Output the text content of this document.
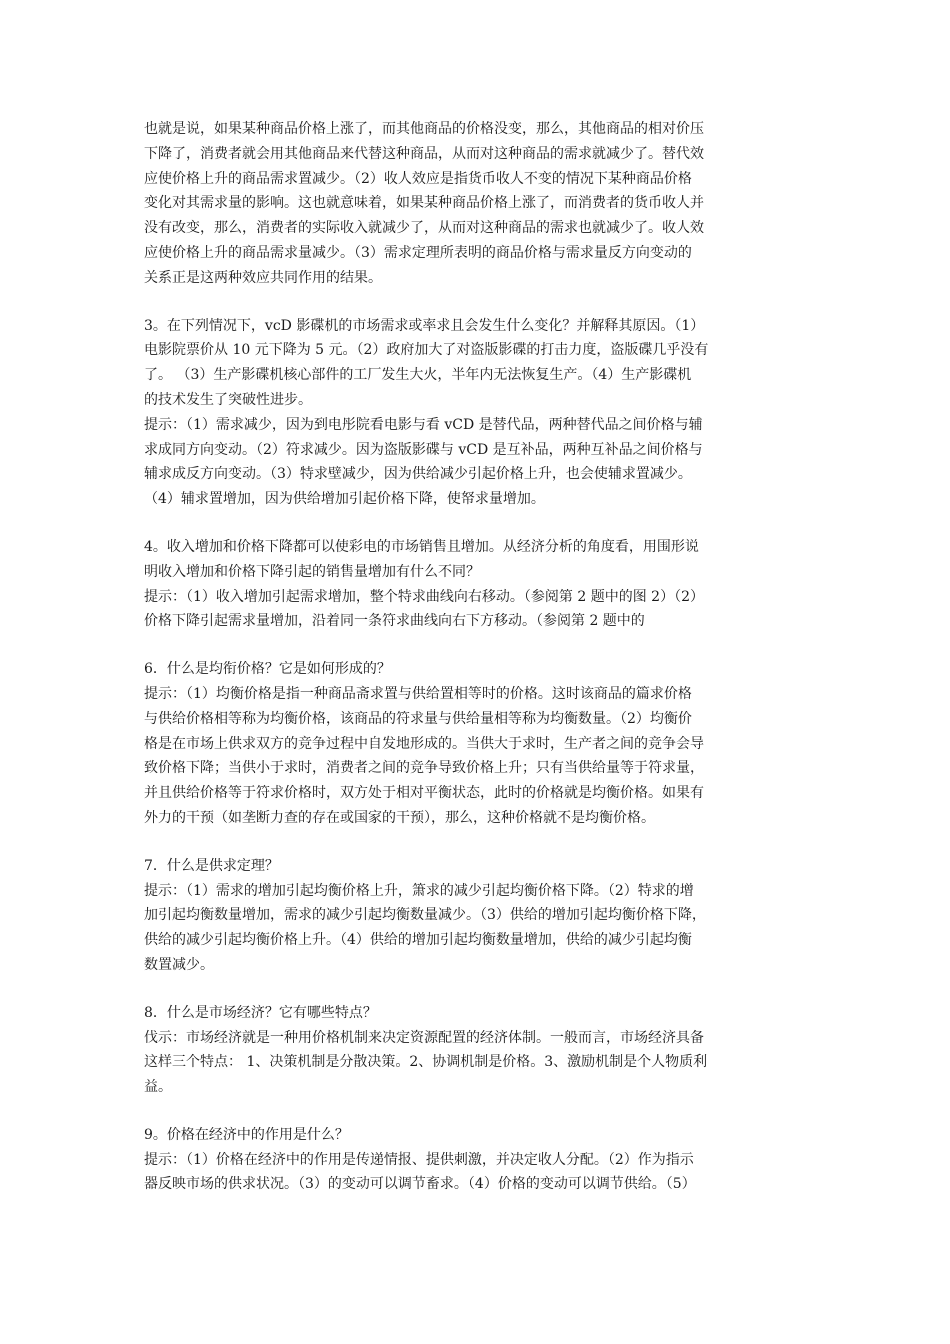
也就是说，如果某种商品价格上涨了，而其他商品的价格没变，那么，其他商品的相对价压

下降了，消费者就会用其他商品来代替这种商品，从而对这种商品的需求就减少了。替代效

应使价格上升的商品需求置减少。（2）收人效应是指货币收人不变的情况下某种商品价格

变化对其需求量的影响。这也就意味着，如果某种商品价格上涨了，而消费者的货币收人并

没有改变，那么，消费者的实际收入就减少了，从而对这种商品的需求也就减少了。收人效

应使价格上升的商品需求量减少。（3）需求定理所表明的商品价格与需求量反方向变动的

关系正是这两种效应共同作用的结果。

3。在下列情况下，vcD 影碟机的市场需求或率求且会发生什么变化？并解释其原因。（1）

电影院票价从 10 元下降为 5 元。（2）政府加大了对盗版影碟的打击力度，盗版碟几乎没有

了。 （3）生产影碟机核心部件的工厂发生大火，半年内无法恢复生产。（4）生产影碟机

的技术发生了突破性进步。

提示：（1）需求减少，因为到电彤院看电影与看 vCD 是替代品，两种替代品之间价格与辅

求成同方向变动。（2）符求减少。因为盗版影碟与 vCD 是互补品，两种互补品之间价格与

辅求成反方向变动。（3）特求壁减少，因为供给减少引起价格上升，也会使辅求置减少。

（4）辅求置增加，因为供给增加引起价格下降，使帑求量增加。

4。收入增加和价格下降都可以使彩电的市场销售且增加。从经济分析的角度看，用围形说

明收入增加和价格下降引起的销售量增加有什么不同？

提示：（1）收入增加引起需求增加，整个特求曲线向右移动。（参阅第 2 题中的图 2）（2）

价格下降引起需求量增加，沿着同一条符求曲线向右下方移动。（参阅第 2 题中的

6．什么是均衔价格？它是如何形成的？

提示：（1）均衡价格是指一种商品斋求置与供给置相等时的价格。这时该商品的篇求价格

与供给价格相等称为均衡价格，该商品的符求量与供给量相等称为均衡数量。（2）均衡价

格是在市场上供求双方的竞争过程中自发地形成的。当供大于求时，生产者之间的竞争会导

致价格下降；当供小于求时，消费者之间的竞争导致价格上升；只有当供给量等于符求量，

并且供给价格等于符求价格时，双方处于相对平衡状态，此时的价格就是均衡价格。如果有

外力的干预（如垄断力查的存在或国家的干预），那么，这种价格就不是均衡价格。

7．什么是供求定理？

提示：（1）需求的增加引起均衡价格上升，箫求的减少引起均衡价格下降。（2）特求的增

加引起均衡数量增加，需求的减少引起均衡数量减少。（3）供给的增加引起均衡价格下降，

供给的减少引起均衡价格上升。（4）供给的增加引起均衡数量增加，供给的减少引起均衡

数置减少。

8．什么是市场经济？它有哪些特点？

伐示：市场经济就是一种用价格机制来决定资源配置的经济体制。一般而言，市场经济具备

这样三个特点： 1、决策机制是分散决策。2、协调机制是价格。3、激励机制是个人物质利

益。

9。价格在经济中的作用是什么？

提示：（1）价格在经济中的作用是传递情报、提供刺激，并决定收人分配。（2）作为指示

器反映市场的供求状况。（3）的变动可以调节畜求。（4）价格的变动可以调节供给。（5）
